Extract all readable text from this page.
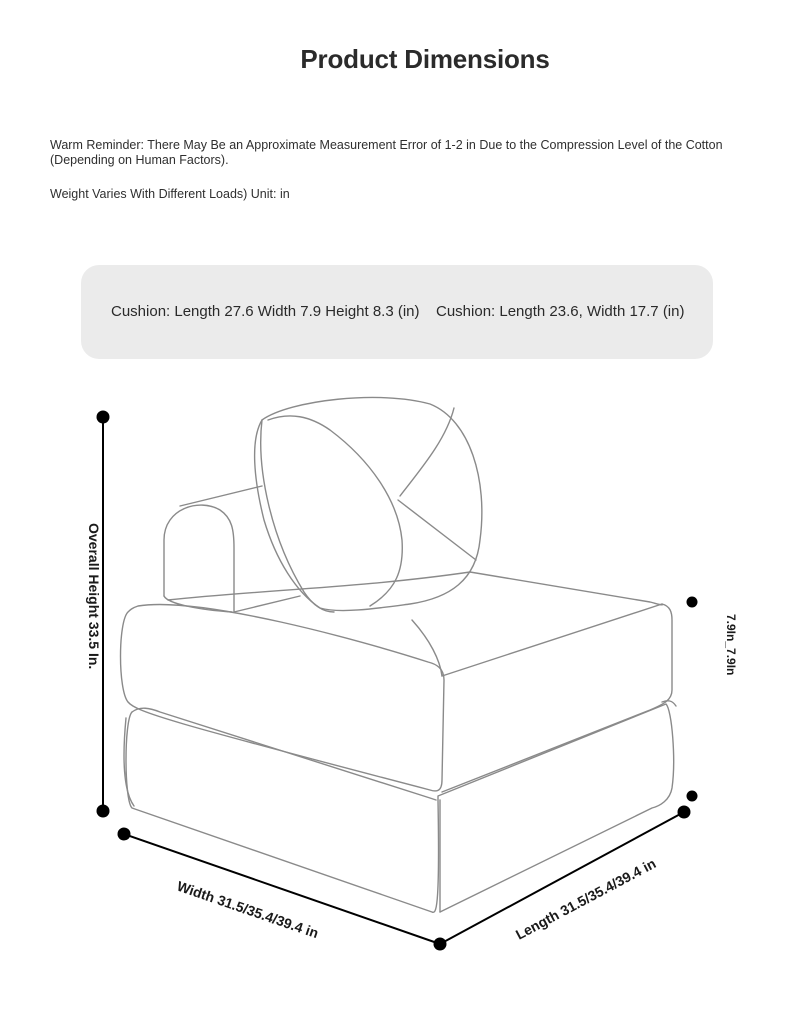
Product Dimensions
Warm Reminder: There May Be an Approximate Measurement Error of 1-2 in Due to the Compression Level of the Cotton (Depending on Human Factors).
Weight Varies With Different Loads) Unit: in
Cushion: Length 27.6 Width 7.9 Height 8.3 (in) Cushion: Length 23.6, Width 17.7 (in)
Overall Height 33.5 In.	7.9In_7.9In
Width 31.5/35.4/39.4 in	Length 31.5/35.4/39.4 in
